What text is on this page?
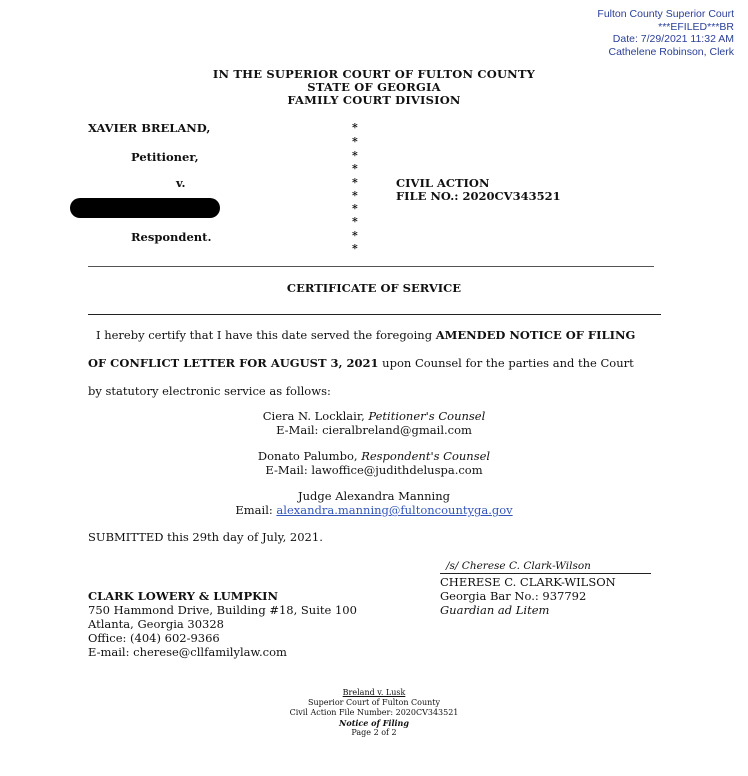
Fulton County Superior Court
***EFILED***BR
Date: 7/29/2021 11:32 AM
Cathelene Robinson, Clerk
IN THE SUPERIOR COURT OF FULTON COUNTY
STATE OF GEORGIA
FAMILY COURT DIVISION
XAVIER BRELAND,
Petitioner,
v.
Respondent.
*
*
*
*
*
*
*
*
*
*
CIVIL ACTION
FILE NO.: 2020CV343521
CERTIFICATE OF SERVICE
I hereby certify that I have this date served the foregoing AMENDED NOTICE OF FILING
OF CONFLICT LETTER FOR AUGUST 3, 2021 upon Counsel for the parties and the Court
by statutory electronic service as follows:
Ciera N. Locklair, Petitioner's Counsel
E-Mail: cieralbreland@gmail.com
Donato Palumbo, Respondent's Counsel
E-Mail: lawoffice@judithdeluspa.com
Judge Alexandra Manning
Email: alexandra.manning@fultoncountyga.gov
SUBMITTED this 29th day of July, 2021.
/s/ Cherese C. Clark-Wilson
CHERESE C. CLARK-WILSON
Georgia Bar No.: 937792
Guardian ad Litem
CLARK LOWERY & LUMPKIN
750 Hammond Drive, Building #18, Suite 100
Atlanta, Georgia 30328
Office: (404) 602-9366
E-mail: cherese@cllfamilylaw.com
Breland v. Lusk
Superior Court of Fulton County
Civil Action File Number: 2020CV343521
Notice of Filing
Page 2 of 2
